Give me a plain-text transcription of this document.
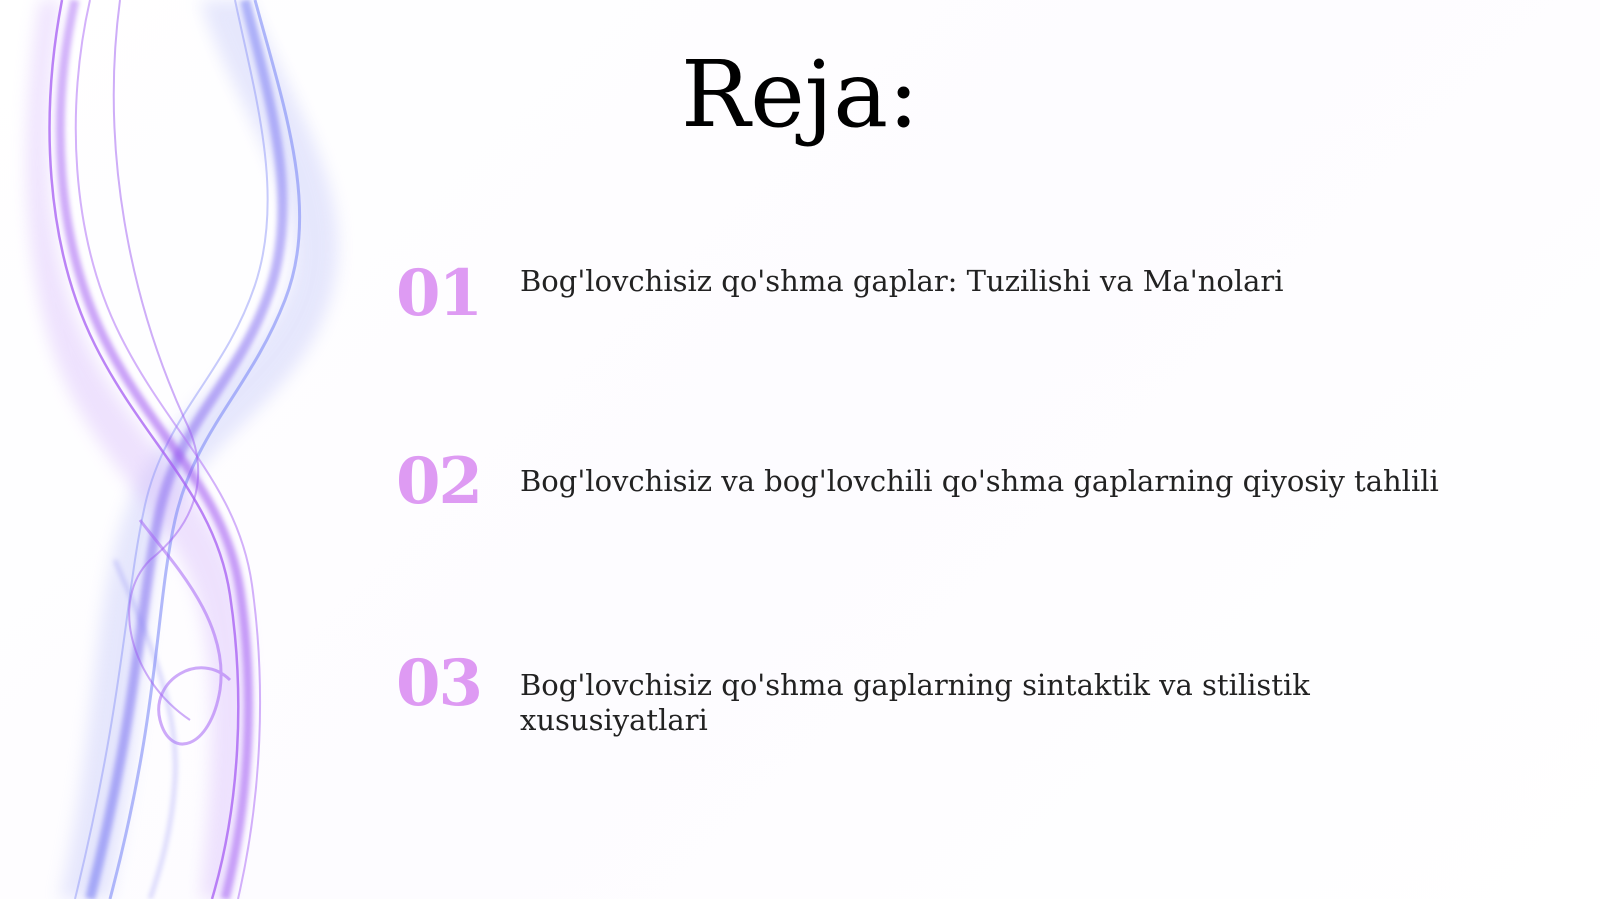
Reja:
01	Bog'lovchisiz qo'shma gaplar: Tuzilishi va Ma'nolari
02	Bog'lovchisiz va bog'lovchili qo'shma gaplarning qiyosiy tahlili
03	Bog'lovchisiz qo'shma gaplarning sintaktik va stilistik xususiyatlari
